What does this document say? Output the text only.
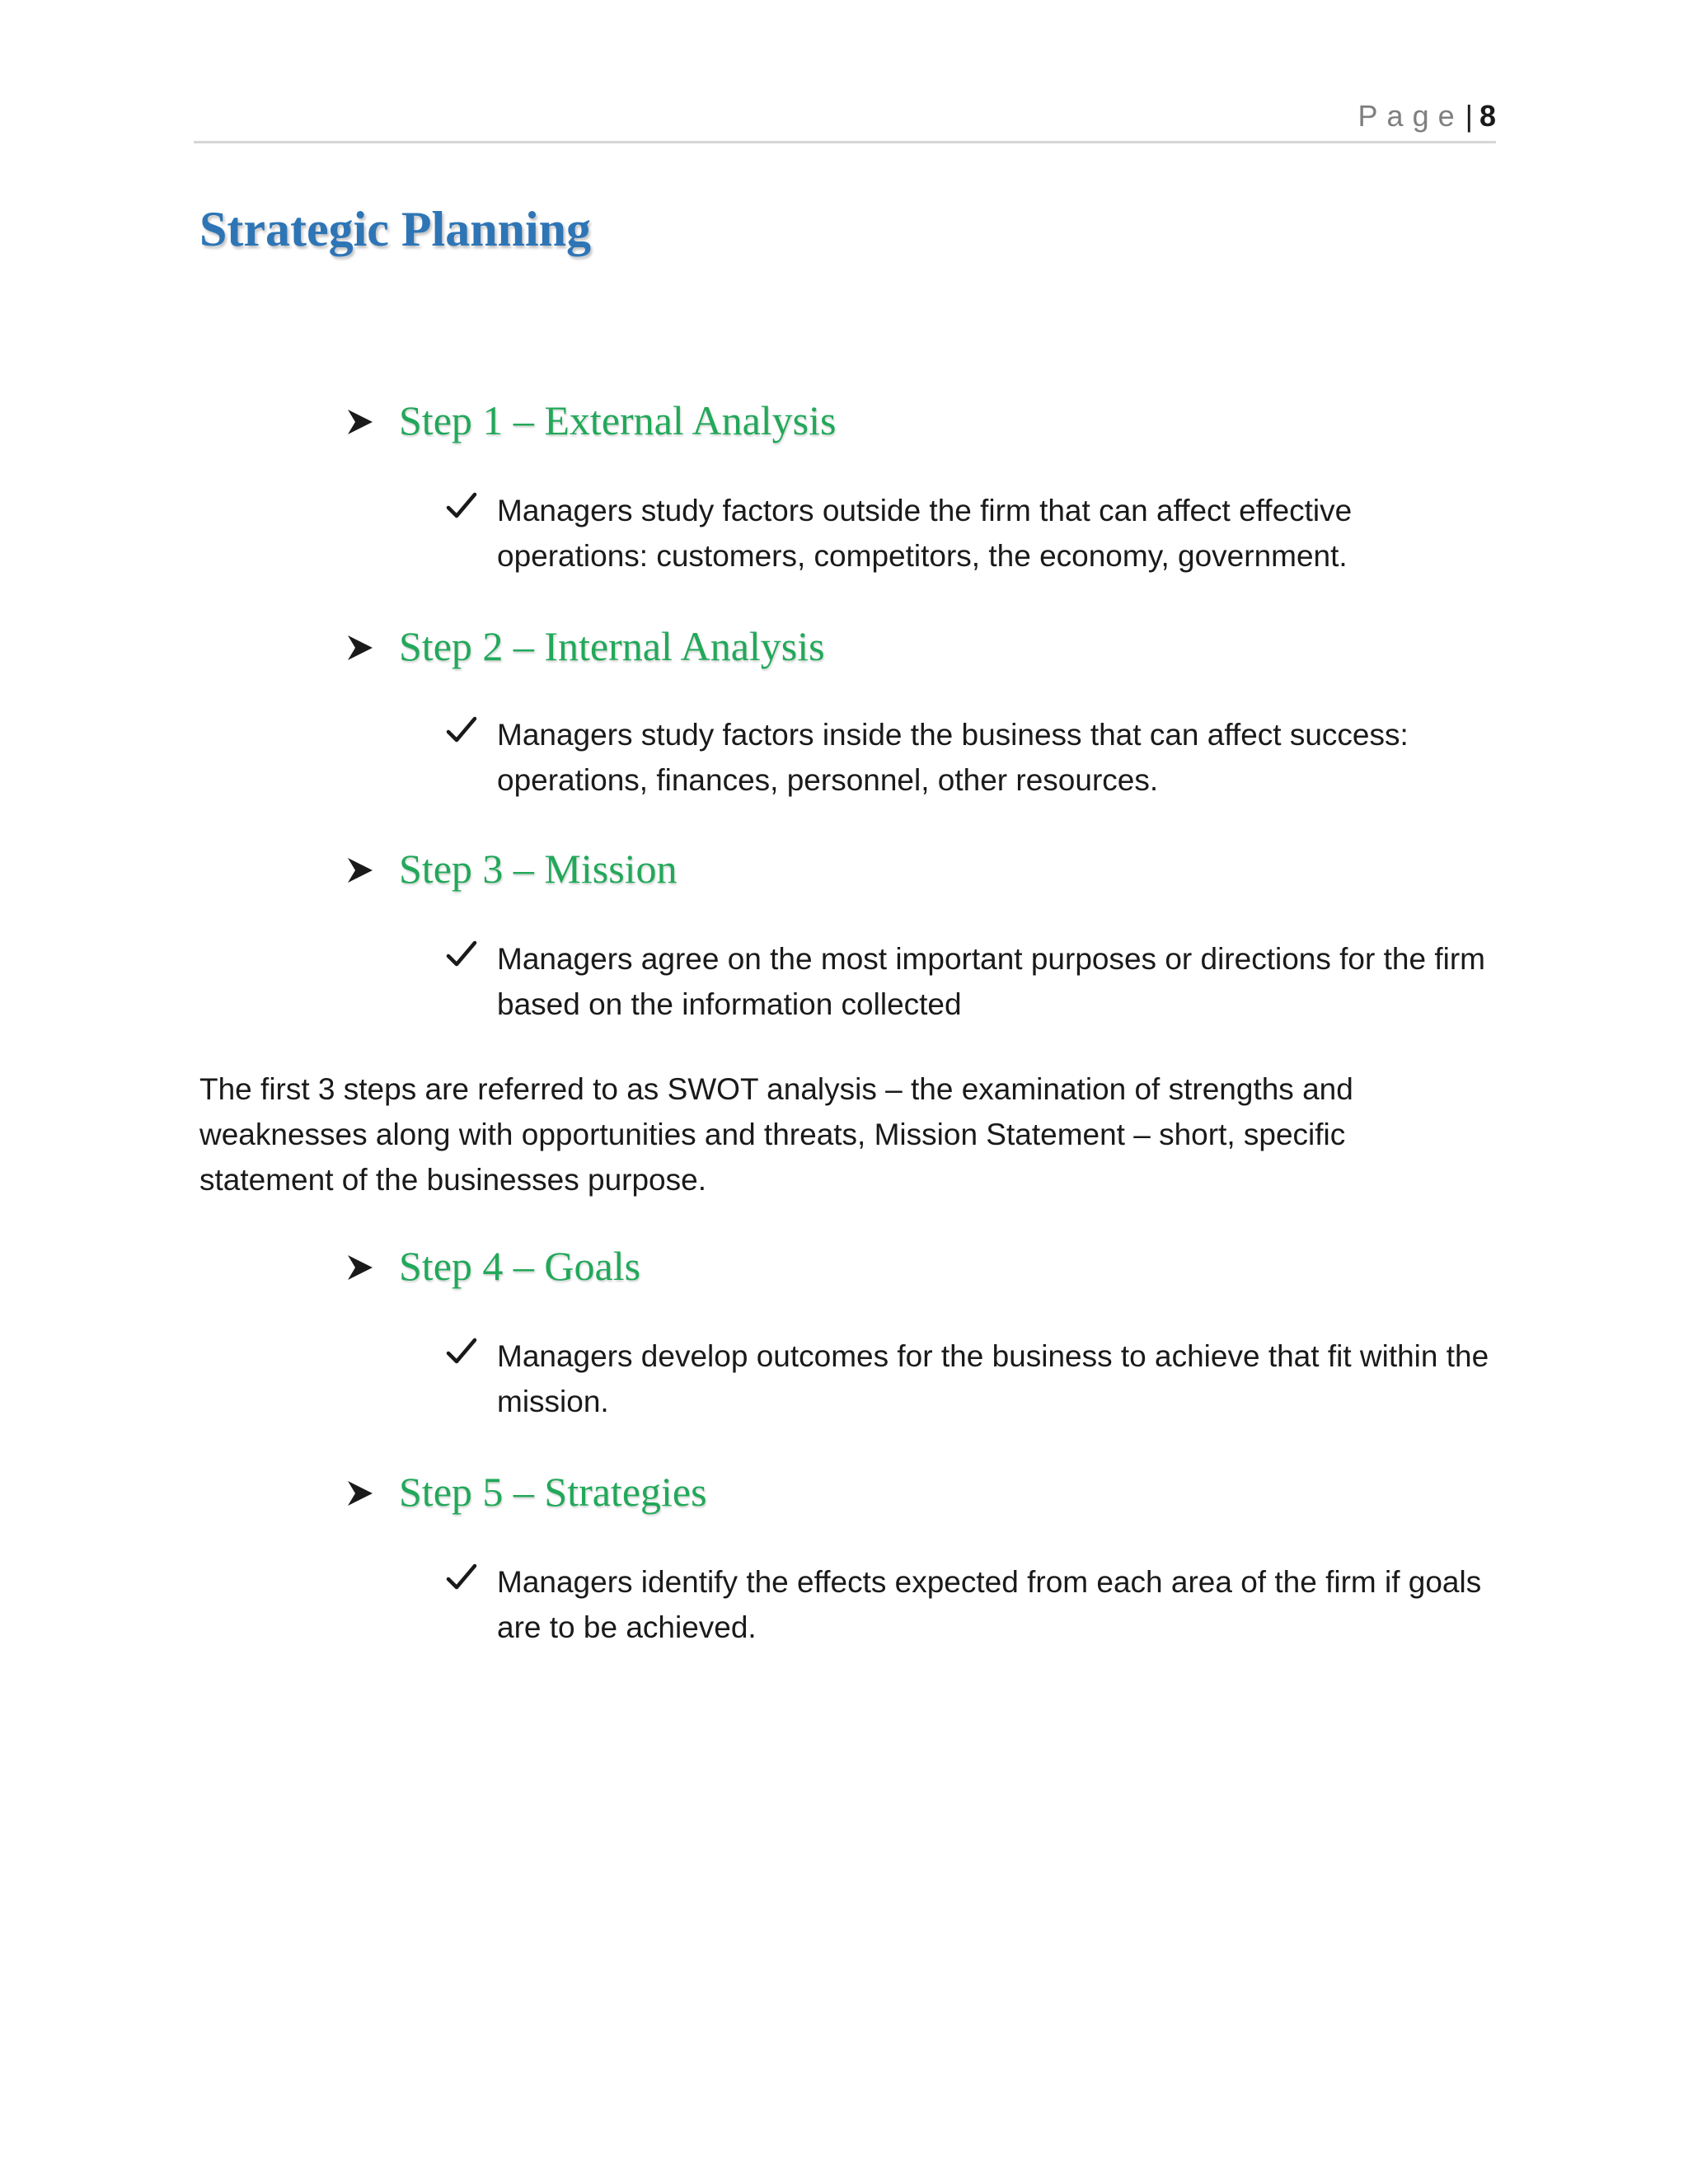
Page| 8
Strategic Planning
Step 1 – External Analysis
Managers study factors outside the firm that can affect effective operations: customers, competitors, the economy, government.
Step 2 – Internal Analysis
Managers study factors inside the business that can affect success: operations, finances, personnel, other resources.
Step 3 – Mission
Managers agree on the most important purposes or directions for the firm based on the information collected

The first 3 steps are referred to as SWOT analysis – the examination of strengths and weaknesses along with opportunities and threats, Mission Statement – short, specific statement of the businesses purpose.

Step 4 – Goals
Managers develop outcomes for the business to achieve that fit within the mission.
Step 5 – Strategies
Managers identify the effects expected from each area of the firm if goals are to be achieved.
